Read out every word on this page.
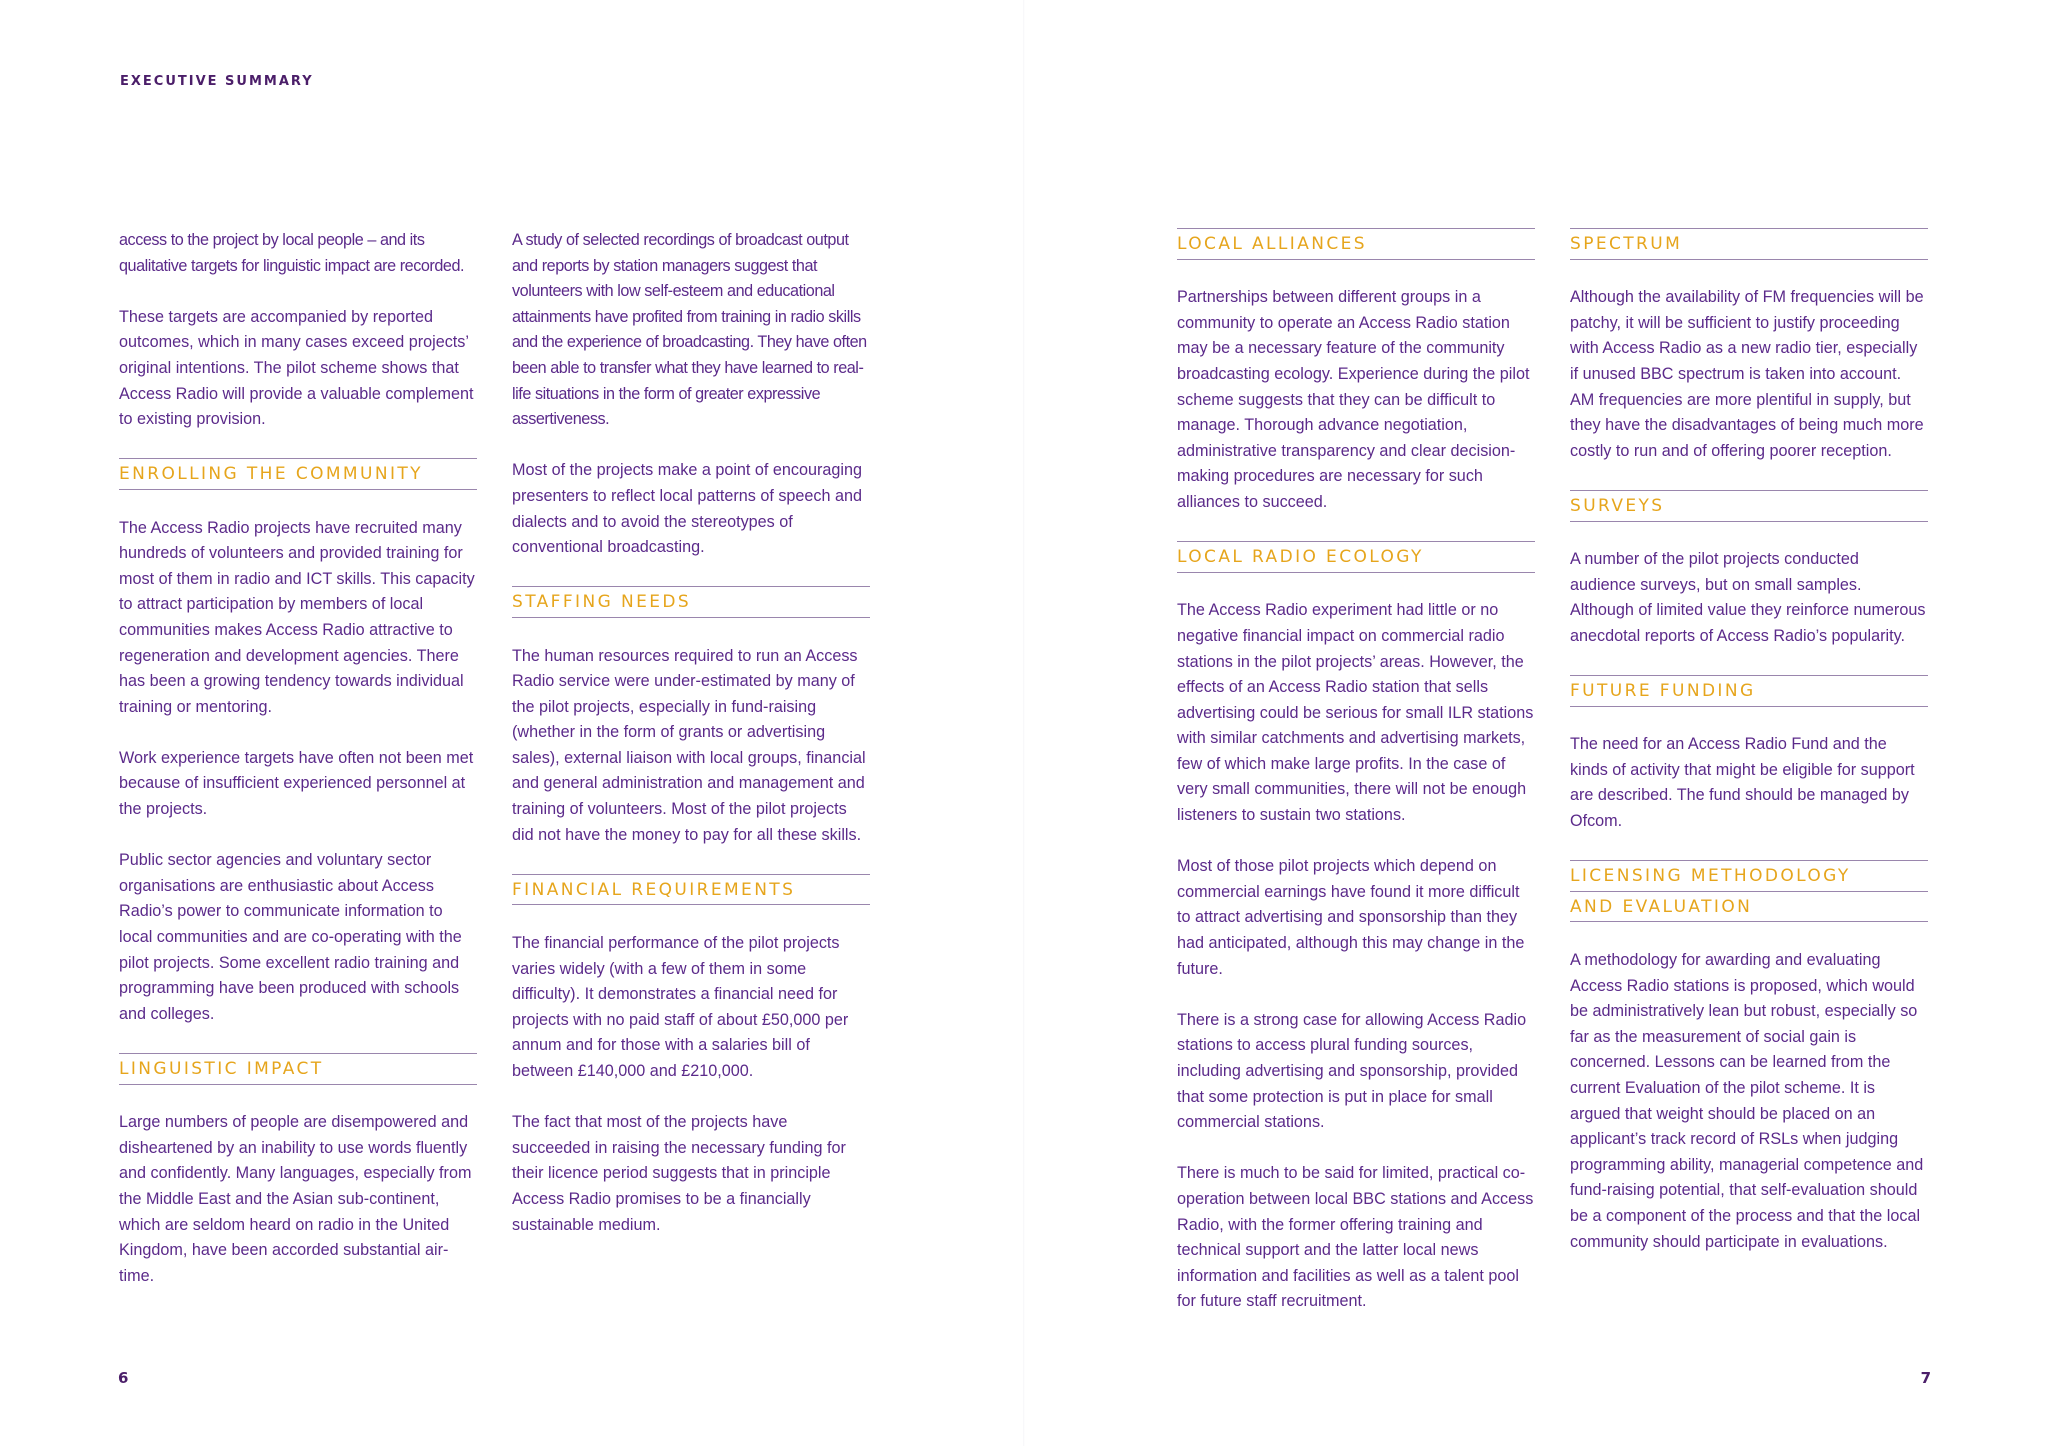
EXECUTIVE SUMMARY

access to the project by local people – and its qualitative targets for linguistic impact are recorded.

These targets are accompanied by reported outcomes, which in many cases exceed projects’ original intentions. The pilot scheme shows that Access Radio will provide a valuable complement to existing provision.

ENROLLING THE COMMUNITY

The Access Radio projects have recruited many hundreds of volunteers and provided training for most of them in radio and ICT skills. This capacity to attract participation by members of local communities makes Access Radio attractive to regeneration and development agencies. There has been a growing tendency towards individual training or mentoring.

Work experience targets have often not been met because of insufficient experienced personnel at the projects.

Public sector agencies and voluntary sector organisations are enthusiastic about Access Radio’s power to communicate information to local communities and are co-operating with the pilot projects. Some excellent radio training and programming have been produced with schools and colleges.

LINGUISTIC IMPACT

Large numbers of people are disempowered and disheartened by an inability to use words fluently and confidently. Many languages, especially from the Middle East and the Asian sub-continent, which are seldom heard on radio in the United Kingdom, have been accorded substantial air-time.

A study of selected recordings of broadcast output and reports by station managers suggest that volunteers with low self-esteem and educational attainments have profited from training in radio skills and the experience of broadcasting. They have often been able to transfer what they have learned to real-life situations in the form of greater expressive assertiveness.

Most of the projects make a point of encouraging presenters to reflect local patterns of speech and dialects and to avoid the stereotypes of conventional broadcasting.

STAFFING NEEDS

The human resources required to run an Access Radio service were under-estimated by many of the pilot projects, especially in fund-raising (whether in the form of grants or advertising sales), external liaison with local groups, financial and general administration and management and training of volunteers. Most of the pilot projects did not have the money to pay for all these skills.

FINANCIAL REQUIREMENTS

The financial performance of the pilot projects varies widely (with a few of them in some difficulty). It demonstrates a financial need for projects with no paid staff of about £50,000 per annum and for those with a salaries bill of between £140,000 and £210,000.

The fact that most of the projects have succeeded in raising the necessary funding for their licence period suggests that in principle Access Radio promises to be a financially sustainable medium.

LOCAL ALLIANCES

Partnerships between different groups in a community to operate an Access Radio station may be a necessary feature of the community broadcasting ecology. Experience during the pilot scheme suggests that they can be difficult to manage. Thorough advance negotiation, administrative transparency and clear decision-making procedures are necessary for such alliances to succeed.

LOCAL RADIO ECOLOGY

The Access Radio experiment had little or no negative financial impact on commercial radio stations in the pilot projects’ areas. However, the effects of an Access Radio station that sells advertising could be serious for small ILR stations with similar catchments and advertising markets, few of which make large profits. In the case of very small communities, there will not be enough listeners to sustain two stations.

Most of those pilot projects which depend on commercial earnings have found it more difficult to attract advertising and sponsorship than they had anticipated, although this may change in the future.

There is a strong case for allowing Access Radio stations to access plural funding sources, including advertising and sponsorship, provided that some protection is put in place for small commercial stations.

There is much to be said for limited, practical co-operation between local BBC stations and Access Radio, with the former offering training and technical support and the latter local news information and facilities as well as a talent pool for future staff recruitment.

SPECTRUM

Although the availability of FM frequencies will be patchy, it will be sufficient to justify proceeding with Access Radio as a new radio tier, especially if unused BBC spectrum is taken into account. AM frequencies are more plentiful in supply, but they have the disadvantages of being much more costly to run and of offering poorer reception.

SURVEYS

A number of the pilot projects conducted audience surveys, but on small samples. Although of limited value they reinforce numerous anecdotal reports of Access Radio’s popularity.

FUTURE FUNDING

The need for an Access Radio Fund and the kinds of activity that might be eligible for support are described. The fund should be managed by Ofcom.

LICENSING METHODOLOGY
AND EVALUATION

A methodology for awarding and evaluating Access Radio stations is proposed, which would be administratively lean but robust, especially so far as the measurement of social gain is concerned. Lessons can be learned from the current Evaluation of the pilot scheme. It is argued that weight should be placed on an applicant’s track record of RSLs when judging programming ability, managerial competence and fund-raising potential, that self-evaluation should be a component of the process and that the local community should participate in evaluations.

6	7
